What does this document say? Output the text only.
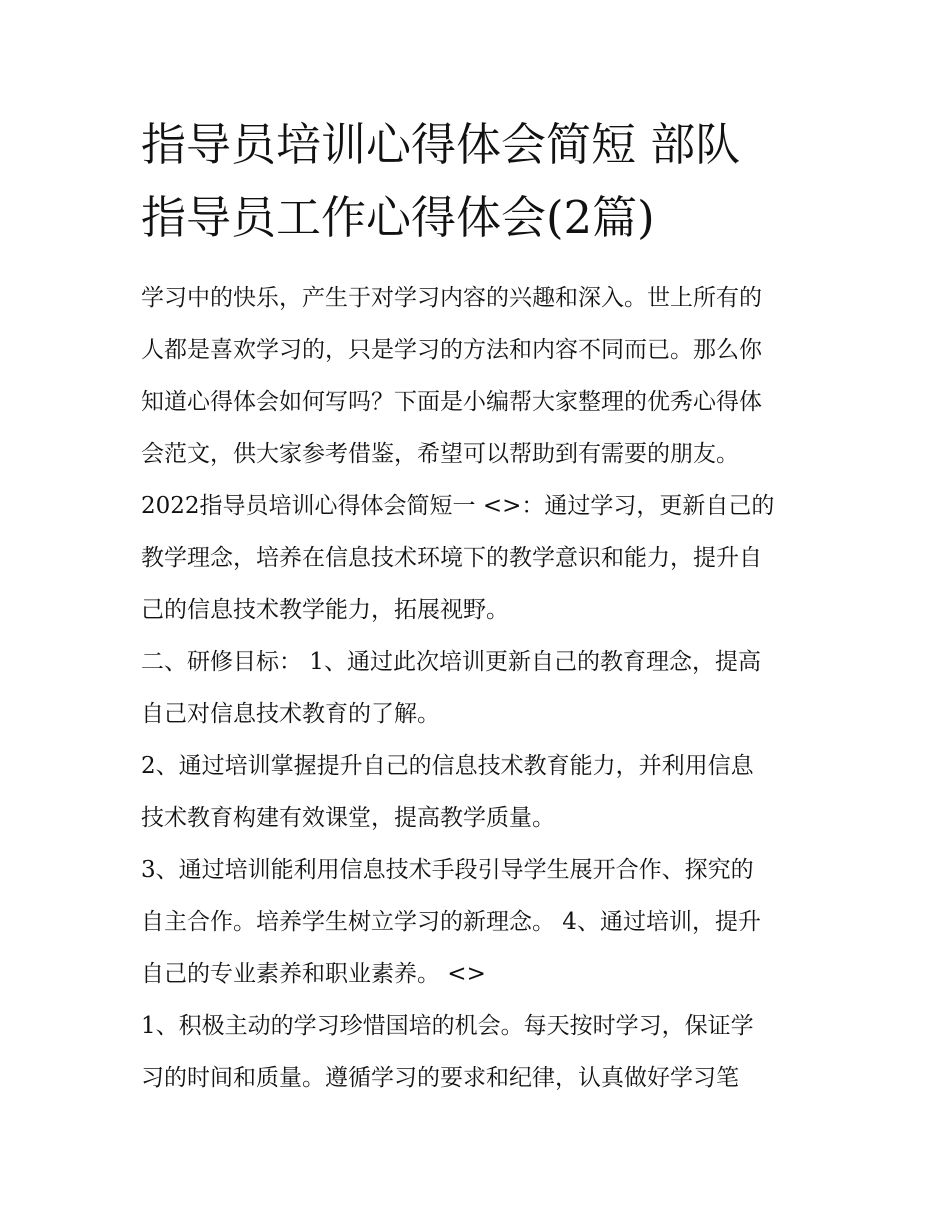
指导员培训心得体会简短 部队
指导员工作心得体会(2篇)

学习中的快乐，产生于对学习内容的兴趣和深入。世上所有的
人都是喜欢学习的，只是学习的方法和内容不同而已。那么你
知道心得体会如何写吗？下面是小编帮大家整理的优秀心得体
会范文，供大家参考借鉴，希望可以帮助到有需要的朋友。

2022指导员培训心得体会简短一 <>：通过学习，更新自己的
教学理念，培养在信息技术环境下的教学意识和能力，提升自
己的信息技术教学能力，拓展视野。

二、研修目标： 1、通过此次培训更新自己的教育理念，提高
自己对信息技术教育的了解。

2、通过培训掌握提升自己的信息技术教育能力，并利用信息
技术教育构建有效课堂，提高教学质量。

3、通过培训能利用信息技术手段引导学生展开合作、探究的
自主合作。培养学生树立学习的新理念。 4、通过培训，提升
自己的专业素养和职业素养。 <>

1、积极主动的学习珍惜国培的机会。每天按时学习，保证学
习的时间和质量。遵循学习的要求和纪律，认真做好学习笔
